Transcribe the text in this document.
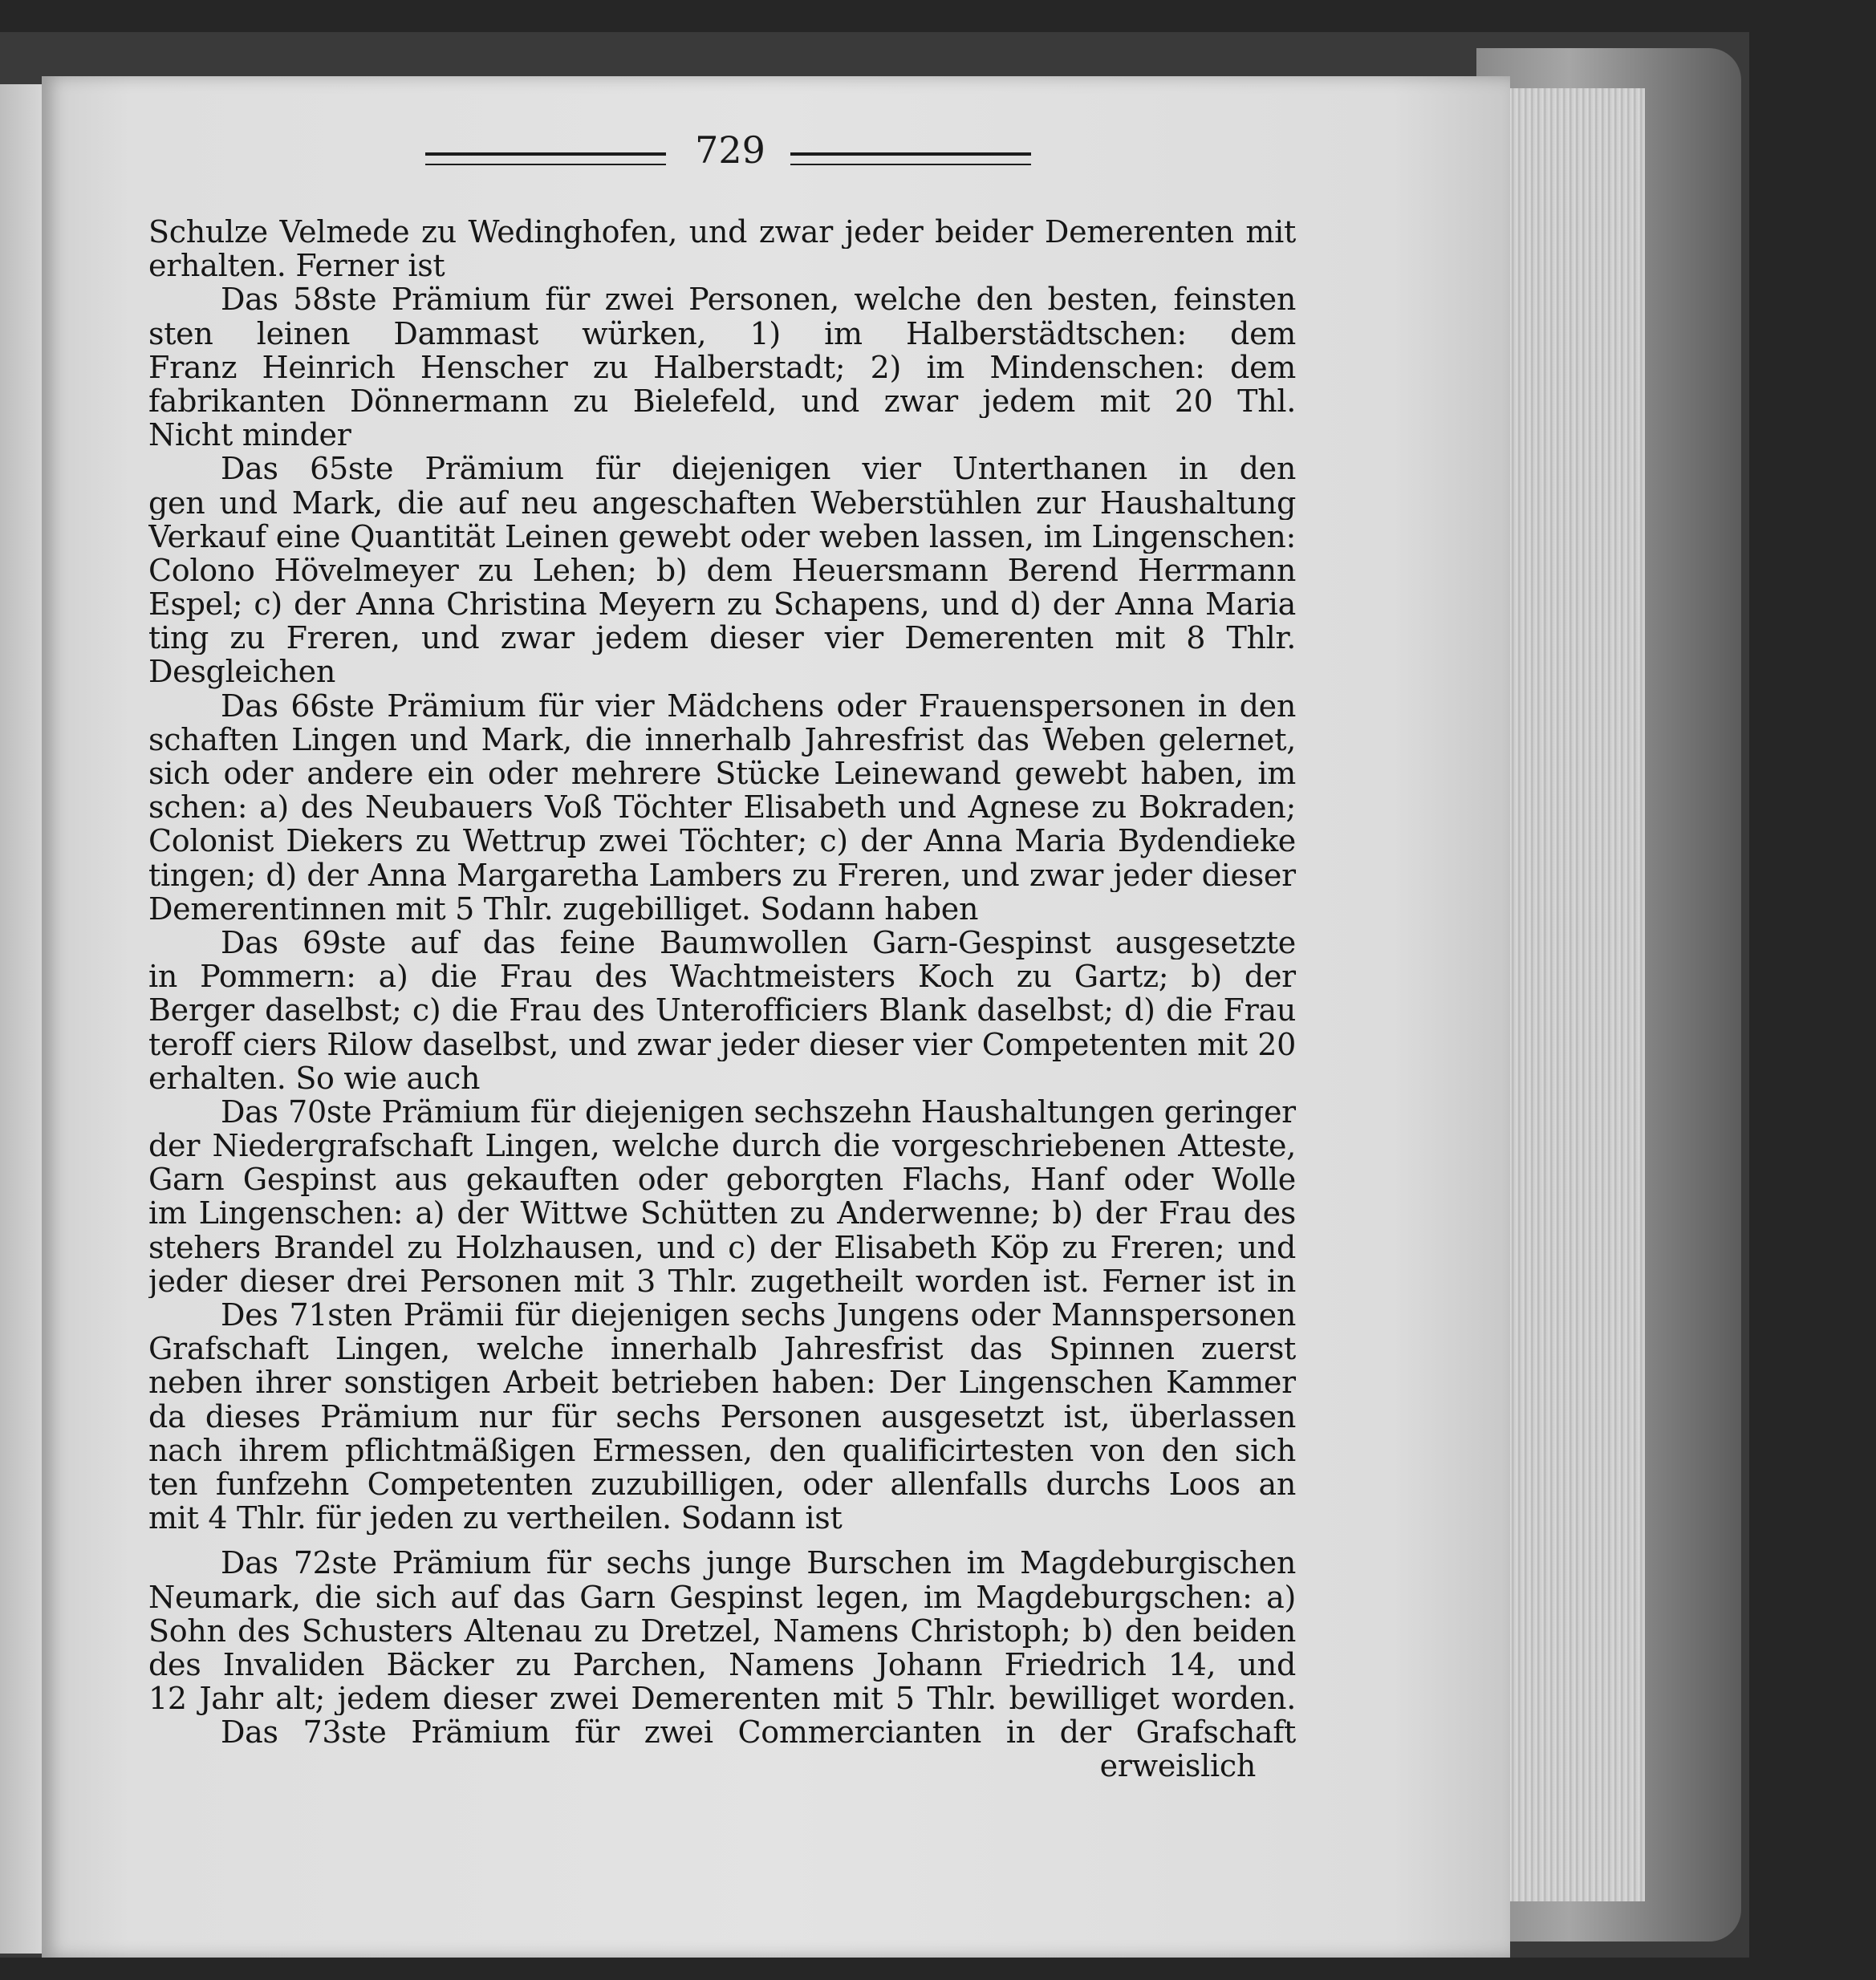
729
Schulze Velmede zu Wedinghofen, und zwar jeder beider Demerenten mit
erhalten. Ferner ist
Das 58ste Prämium für zwei Personen, welche den besten, feinsten
sten leinen Dammast würken, 1) im Halberstädtschen: dem
Franz Heinrich Henscher zu Halberstadt; 2) im Mindenschen: dem
fabrikanten Dönnermann zu Bielefeld, und zwar jedem mit 20 Thl.
Nicht minder
Das 65ste Prämium für diejenigen vier Unterthanen in den
gen und Mark, die auf neu angeschaften Weberstühlen zur Haushaltung
Verkauf eine Quantität Leinen gewebt oder weben lassen, im Lingenschen:
Colono Hövelmeyer zu Lehen; b) dem Heuersmann Berend Herrmann
Espel; c) der Anna Christina Meyern zu Schapens, und d) der Anna Maria
ting zu Freren, und zwar jedem dieser vier Demerenten mit 8 Thlr.
Desgleichen
Das 66ste Prämium für vier Mädchens oder Frauenspersonen in den
schaften Lingen und Mark, die innerhalb Jahresfrist das Weben gelernet,
sich oder andere ein oder mehrere Stücke Leinewand gewebt haben, im
schen: a) des Neubauers Voß Töchter Elisabeth und Agnese zu Bokraden;
Colonist Diekers zu Wettrup zwei Töchter; c) der Anna Maria Bydendieke
tingen; d) der Anna Margaretha Lambers zu Freren, und zwar jeder dieser
Demerentinnen mit 5 Thlr. zugebilliget. Sodann haben
Das 69ste auf das feine Baumwollen Garn-Gespinst ausgesetzte
in Pommern: a) die Frau des Wachtmeisters Koch zu Gartz; b) der
Berger daselbst; c) die Frau des Unterofficiers Blank daselbst; d) die Frau
teroff ciers Rilow daselbst, und zwar jeder dieser vier Competenten mit 20
erhalten. So wie auch
Das 70ste Prämium für diejenigen sechszehn Haushaltungen geringer
der Niedergrafschaft Lingen, welche durch die vorgeschriebenen Atteste,
Garn Gespinst aus gekauften oder geborgten Flachs, Hanf oder Wolle
im Lingenschen: a) der Wittwe Schütten zu Anderwenne; b) der Frau des
stehers Brandel zu Holzhausen, und c) der Elisabeth Köp zu Freren; und
jeder dieser drei Personen mit 3 Thlr. zugetheilt worden ist. Ferner ist in
Des 71sten Prämii für diejenigen sechs Jungens oder Mannspersonen
Grafschaft Lingen, welche innerhalb Jahresfrist das Spinnen zuerst
neben ihrer sonstigen Arbeit betrieben haben: Der Lingenschen Kammer
da dieses Prämium nur für sechs Personen ausgesetzt ist, überlassen
nach ihrem pflichtmäßigen Ermessen, den qualificirtesten von den sich
ten funfzehn Competenten zuzubilligen, oder allenfalls durchs Loos an
mit 4 Thlr. für jeden zu vertheilen. Sodann ist
Das 72ste Prämium für sechs junge Burschen im Magdeburgischen
Neumark, die sich auf das Garn Gespinst legen, im Magdeburgschen: a)
Sohn des Schusters Altenau zu Dretzel, Namens Christoph; b) den beiden
des Invaliden Bäcker zu Parchen, Namens Johann Friedrich 14, und
12 Jahr alt; jedem dieser zwei Demerenten mit 5 Thlr. bewilliget worden.
Das 73ste Prämium für zwei Commercianten in der Grafschaft
erweislich
